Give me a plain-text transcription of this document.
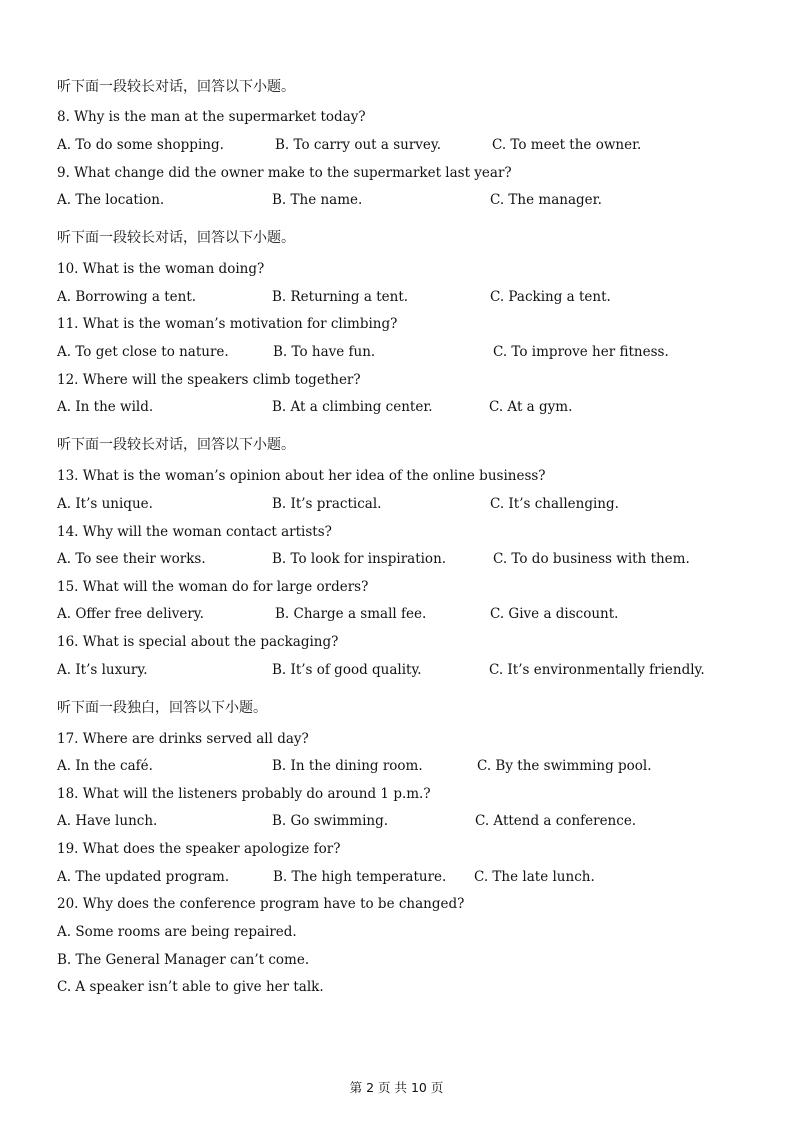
听下面一段较长对话，回答以下小题。
8. Why is the man at the supermarket today?
A. To do some shopping.	B. To carry out a survey.	C. To meet the owner.
9. What change did the owner make to the supermarket last year?
A. The location.	B. The name.	C. The manager.
听下面一段较长对话，回答以下小题。
10. What is the woman doing?
A. Borrowing a tent.	B. Returning a tent.	C. Packing a tent.
11. What is the woman’s motivation for climbing?
A. To get close to nature.	B. To have fun.	C. To improve her fitness.
12. Where will the speakers climb together?
A. In the wild.	B. At a climbing center.	C. At a gym.
听下面一段较长对话，回答以下小题。
13. What is the woman’s opinion about her idea of the online business?
A. It’s unique.	B. It’s practical.	C. It’s challenging.
14. Why will the woman contact artists?
A. To see their works.	B. To look for inspiration.	C. To do business with them.
15. What will the woman do for large orders?
A. Offer free delivery.	B. Charge a small fee.	C. Give a discount.
16. What is special about the packaging?
A. It’s luxury.	B. It’s of good quality.	C. It’s environmentally friendly.
听下面一段独白，回答以下小题。
17. Where are drinks served all day?
A. In the café.	B. In the dining room.	C. By the swimming pool.
18. What will the listeners probably do around 1 p.m.?
A. Have lunch.	B. Go swimming.	C. Attend a conference.
19. What does the speaker apologize for?
A. The updated program.	B. The high temperature. C. The late lunch.
20. Why does the conference program have to be changed?
A. Some rooms are being repaired.
B. The General Manager can’t come.
C. A speaker isn’t able to give her talk.
第 2 页 共 10 页
